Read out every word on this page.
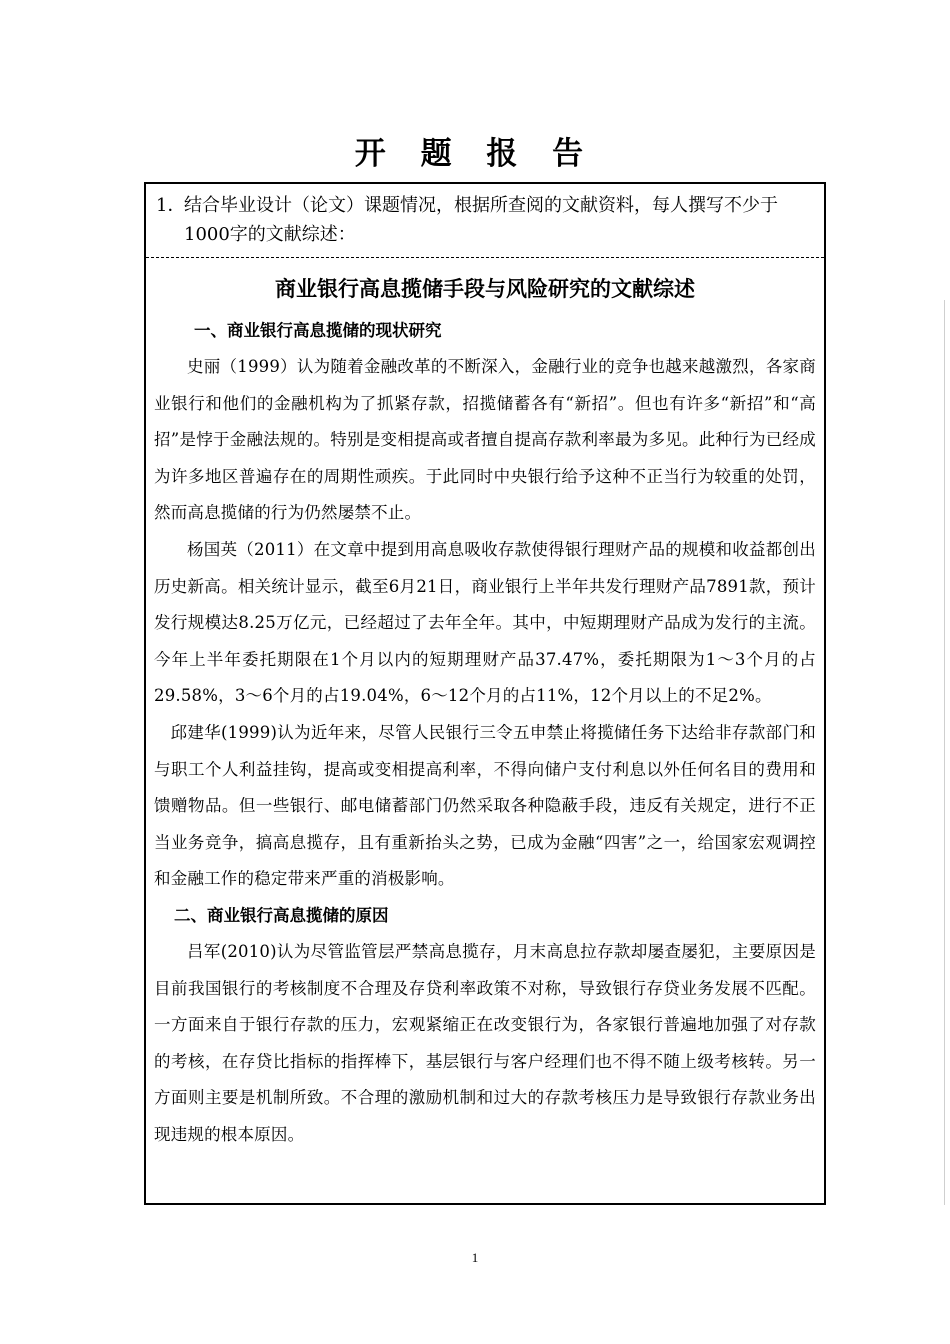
开 题 报 告
1．
结合毕业设计（论文）课题情况，根据所查阅的文献资料，每人撰写不少于1000字的文献综述：
商业银行高息揽储手段与风险研究的文献综述
一、商业银行高息揽储的现状研究

史丽（1999）认为随着金融改革的不断深入，金融行业的竞争也越来越激烈，各家商业银行和他们的金融机构为了抓紧存款，招揽储蓄各有“新招”。但也有许多“新招”和“高招”是悖于金融法规的。特别是变相提高或者擅自提高存款利率最为多见。此种行为已经成为许多地区普遍存在的周期性顽疾。于此同时中央银行给予这种不正当行为较重的处罚，然而高息揽储的行为仍然屡禁不止。

杨国英（2011）在文章中提到用高息吸收存款使得银行理财产品的规模和收益都创出历史新高。相关统计显示，截至6月21日，商业银行上半年共发行理财产品7891款，预计发行规模达8.25万亿元，已经超过了去年全年。其中，中短期理财产品成为发行的主流。今年上半年委托期限在1个月以内的短期理财产品37.47%，委托期限为1～3个月的占29.58%，3～6个月的占19.04%，6～12个月的占11%，12个月以上的不足2%。

邱建华(1999)认为近年来，尽管人民银行三令五申禁止将揽储任务下达给非存款部门和与职工个人利益挂钩，提高或变相提高利率，不得向储户支付利息以外任何名目的费用和馈赠物品。但一些银行、邮电储蓄部门仍然采取各种隐蔽手段，违反有关规定，进行不正当业务竞争，搞高息揽存，且有重新抬头之势，已成为金融“四害”之一，给国家宏观调控和金融工作的稳定带来严重的消极影响。

二、商业银行高息揽储的原因

吕军(2010)认为尽管监管层严禁高息揽存，月末高息拉存款却屡查屡犯，主要原因是目前我国银行的考核制度不合理及存贷利率政策不对称，导致银行存贷业务发展不匹配。一方面来自于银行存款的压力，宏观紧缩正在改变银行为，各家银行普遍地加强了对存款的考核，在存贷比指标的指挥棒下，基层银行与客户经理们也不得不随上级考核转。另一方面则主要是机制所致。不合理的激励机制和过大的存款考核压力是导致银行存款业务出现违规的根本原因。

1
